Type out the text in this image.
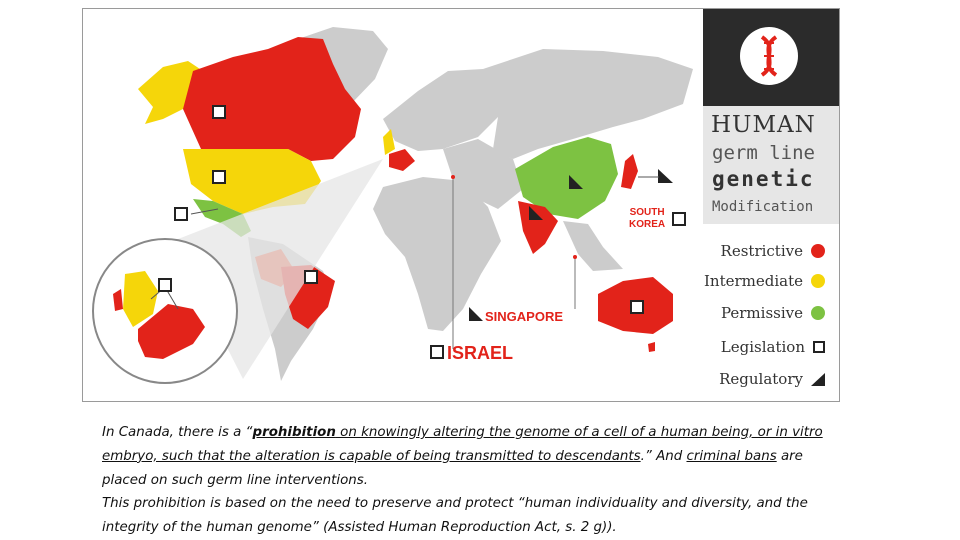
SOUTH
KOREA
SINGAPORE
ISRAEL
HUMAN
germ line
genetic
Modification
Restrictive
Intermediate
Permissive
Legislation
Regulatory
In Canada, there is a “prohibition on knowingly altering the genome of a cell of a human being, or in vitro embryo, such that the alteration is capable of being transmitted to descendants.” And criminal bans are placed on such germ line interventions.
This prohibition is based on the need to preserve and protect “human individuality and diversity, and the integrity of the human genome” (Assisted Human Reproduction Act, s. 2 g)).
